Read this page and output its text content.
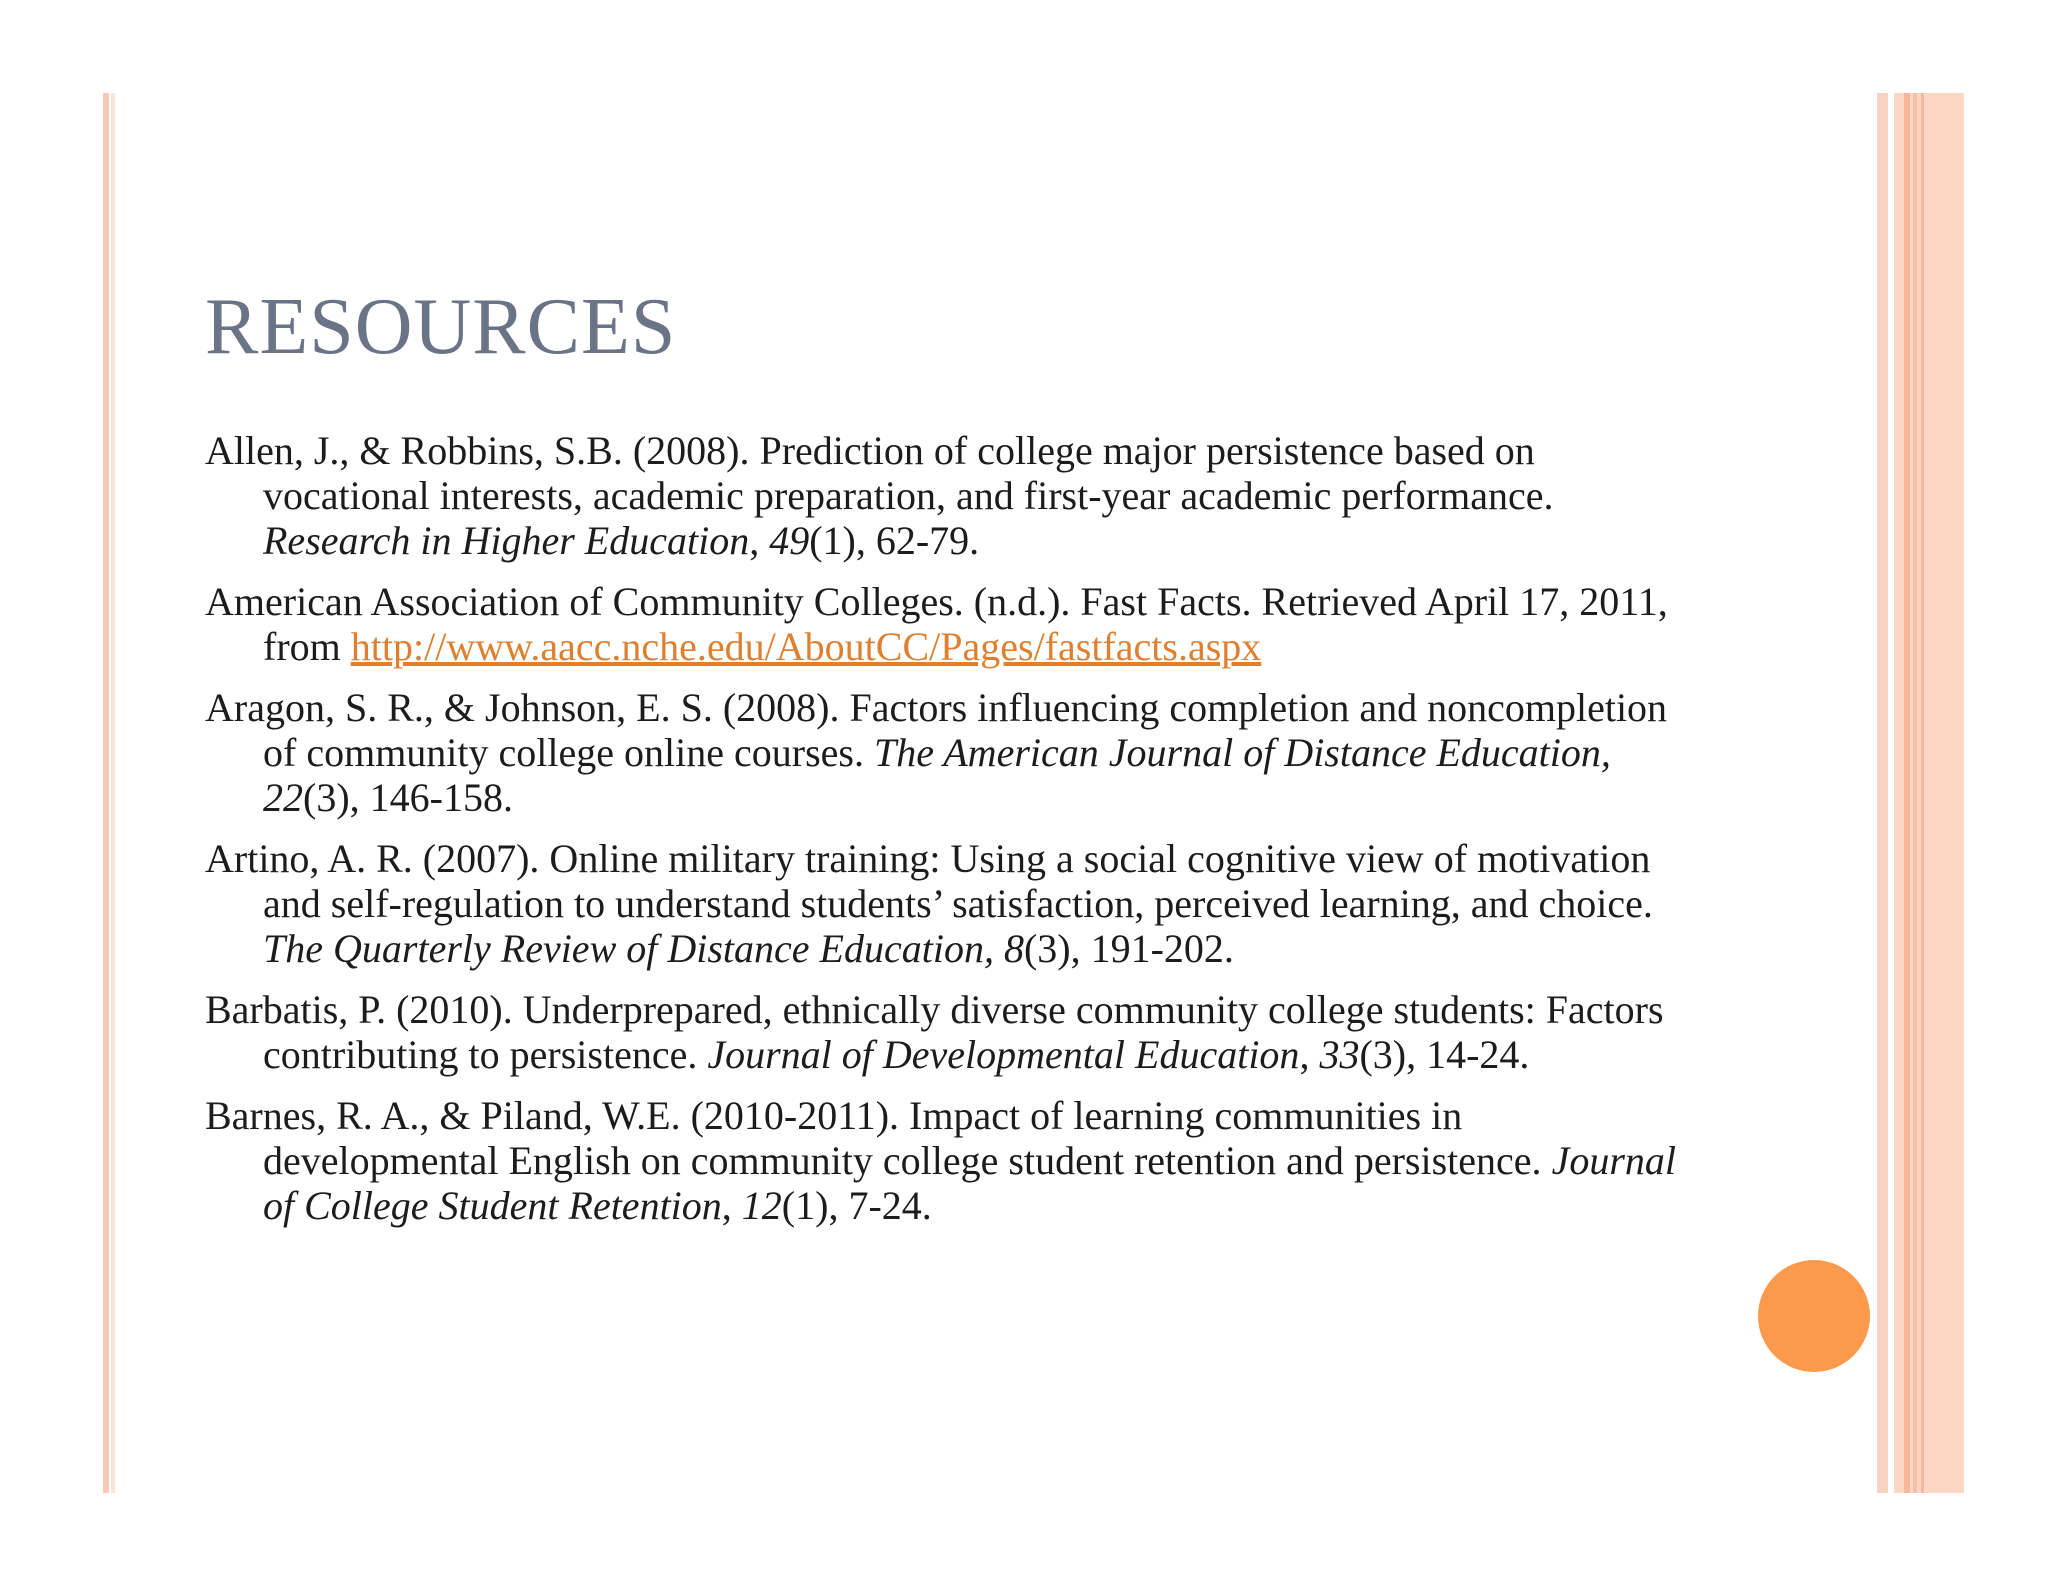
RESOURCES
Allen, J., & Robbins, S.B. (2008). Prediction of college major persistence based on vocational interests, academic preparation, and first-year academic performance. Research in Higher Education, 49(1), 62-79.
American Association of Community Colleges. (n.d.). Fast Facts. Retrieved April 17, 2011, from http://www.aacc.nche.edu/AboutCC/Pages/fastfacts.aspx
Aragon, S. R., & Johnson, E. S. (2008). Factors influencing completion and noncompletion of community college online courses. The American Journal of Distance Education, 22(3), 146-158.
Artino, A. R. (2007). Online military training: Using a social cognitive view of motivation and self-regulation to understand students’ satisfaction, perceived learning, and choice. The Quarterly Review of Distance Education, 8(3), 191-202.
Barbatis, P. (2010). Underprepared, ethnically diverse community college students: Factors contributing to persistence. Journal of Developmental Education, 33(3), 14-24.
Barnes, R. A., & Piland, W.E. (2010-2011). Impact of learning communities in developmental English on community college student retention and persistence. Journal of College Student Retention, 12(1), 7-24.
